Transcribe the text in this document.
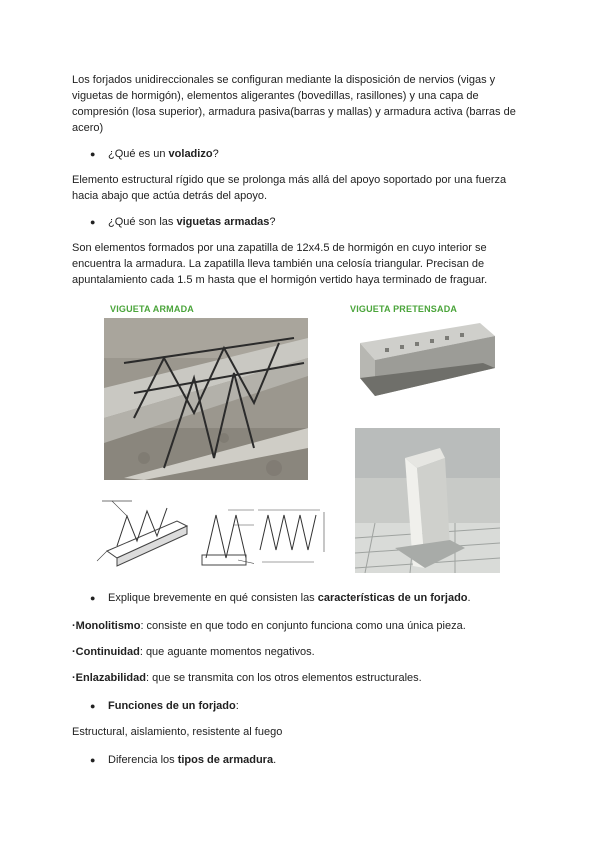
Los forjados unidireccionales se configuran mediante la disposición de nervios (vigas y

viguetas de hormigón), elementos aligerantes (bovedillas, rasillones) y una capa de

compresión (losa superior), armadura pasiva(barras y mallas) y armadura activa (barras de

acero)

● ¿Qué es un voladizo?

Elemento estructural rígido que se prolonga más allá del apoyo soportado por una fuerza

hacia abajo que actúa detrás del apoyo.

● ¿Qué son las viguetas armadas?

Son elementos formados por una zapatilla de 12x4.5 de hormigón en cuyo interior se

encuentra la armadura. La zapatilla lleva también una celosía triangular. Precisan de

apuntalamiento cada 1.5 m hasta que el hormigón vertido haya terminado de fraguar.

VIGUETA ARMADA	VIGUETA PRETENSADA

● Explique brevemente en qué consisten las características de un forjado.

·Monolitismo: consiste en que todo en conjunto funciona como una única pieza.

·Continuidad: que aguante momentos negativos.

·Enlazabilidad: que se transmita con los otros elementos estructurales.

● Funciones de un forjado:

Estructural, aislamiento, resistente al fuego

● Diferencia los tipos de armadura.
